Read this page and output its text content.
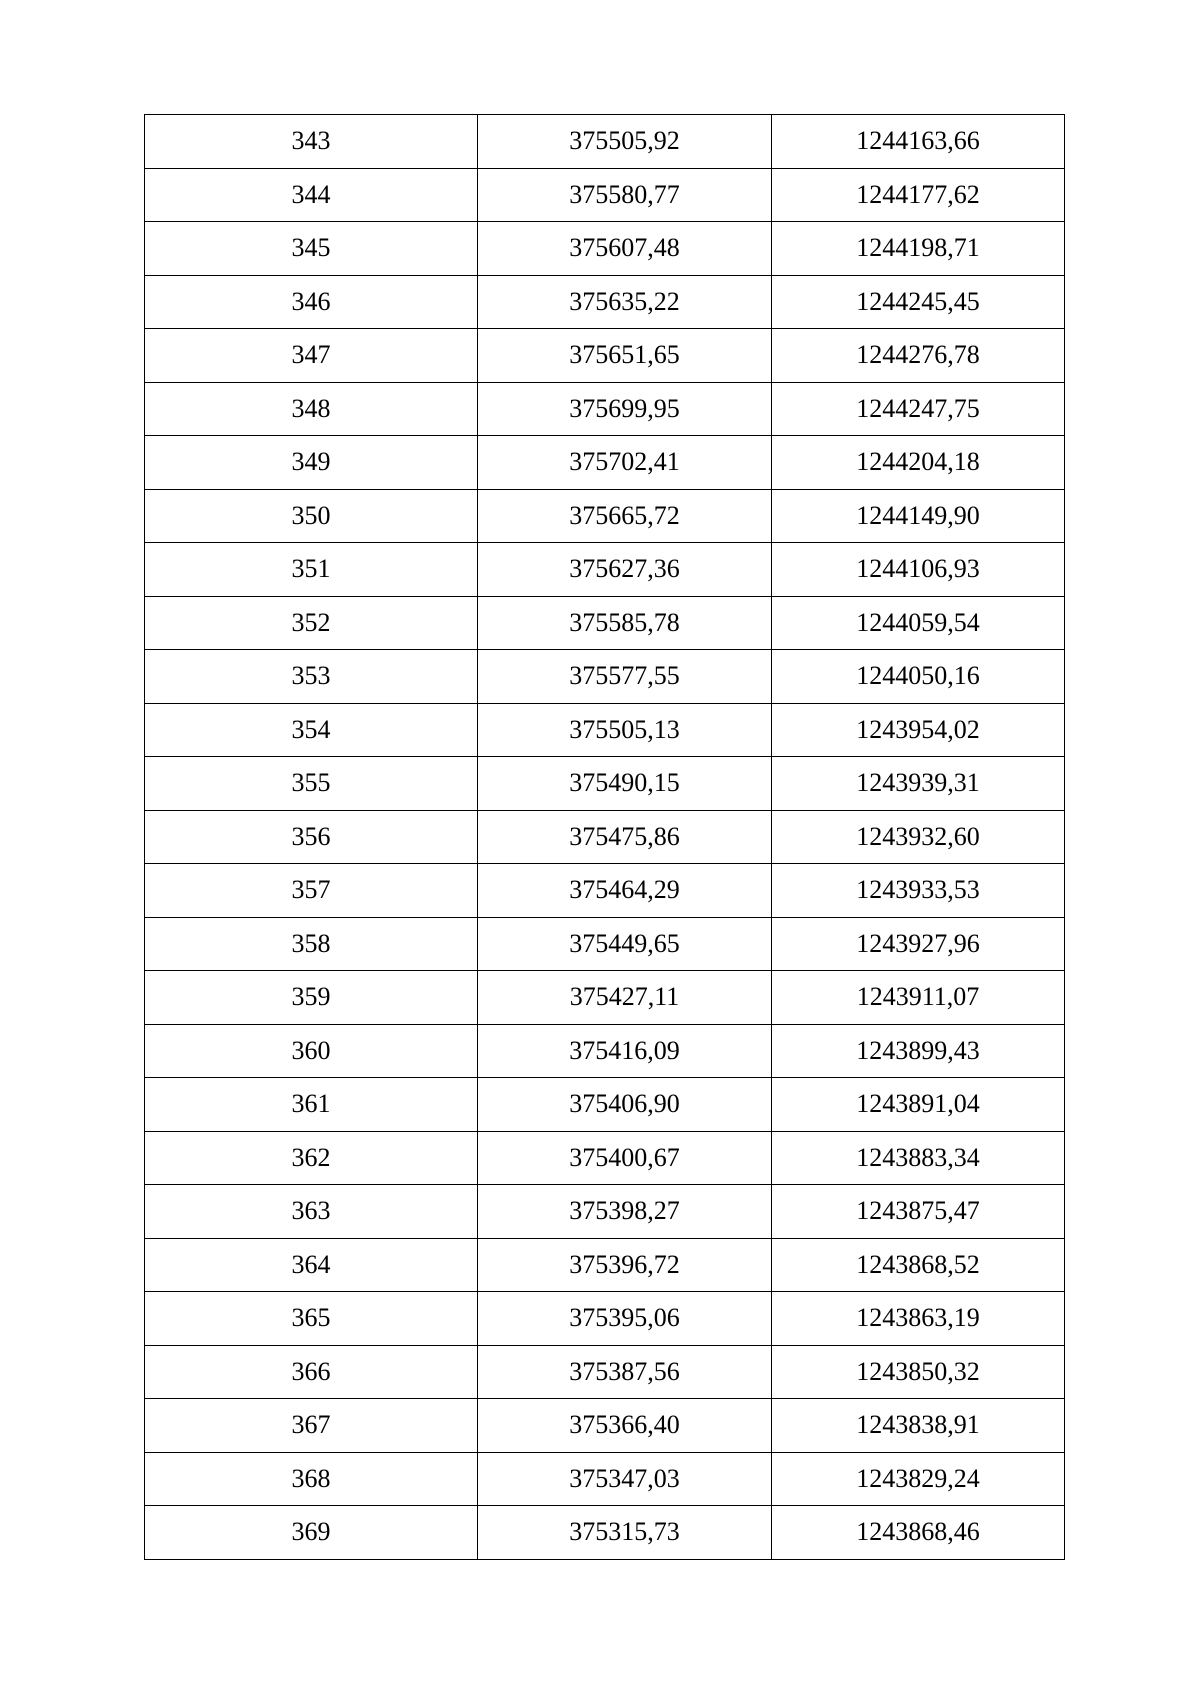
343	375505,92	1244163,66
344	375580,77	1244177,62
345	375607,48	1244198,71
346	375635,22	1244245,45
347	375651,65	1244276,78
348	375699,95	1244247,75
349	375702,41	1244204,18
350	375665,72	1244149,90
351	375627,36	1244106,93
352	375585,78	1244059,54
353	375577,55	1244050,16
354	375505,13	1243954,02
355	375490,15	1243939,31
356	375475,86	1243932,60
357	375464,29	1243933,53
358	375449,65	1243927,96
359	375427,11	1243911,07
360	375416,09	1243899,43
361	375406,90	1243891,04
362	375400,67	1243883,34
363	375398,27	1243875,47
364	375396,72	1243868,52
365	375395,06	1243863,19
366	375387,56	1243850,32
367	375366,40	1243838,91
368	375347,03	1243829,24
369	375315,73	1243868,46
